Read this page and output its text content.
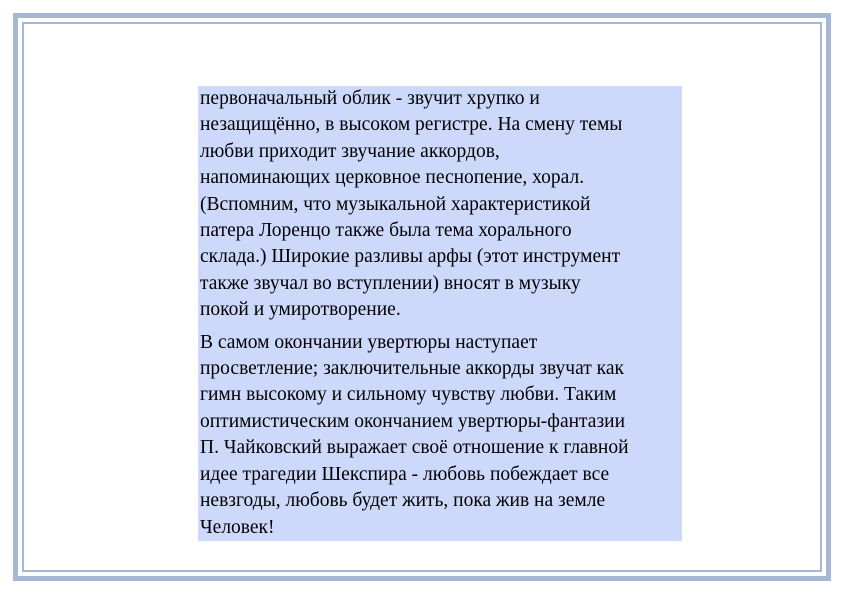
первоначальный облик - звучит хрупко и
незащищённо, в высоком регистре. На смену темы
любви приходит звучание аккордов,
напоминающих церковное песнопение, хорал.
(Вспомним, что музыкальной характеристикой
патера Лоренцо также была тема хорального
склада.) Широкие разливы арфы (этот инструмент
также звучал во вступлении) вносят в музыку
покой и умиротворение.

В самом окончании увертюры наступает
просветление; заключительные аккорды звучат как
гимн высокому и сильному чувству любви. Таким
оптимистическим окончанием увертюры-фантазии
П. Чайковский выражает своё отношение к главной
идее трагедии Шекспира - любовь побеждает все
невзгоды, любовь будет жить, пока жив на земле
Человек!
